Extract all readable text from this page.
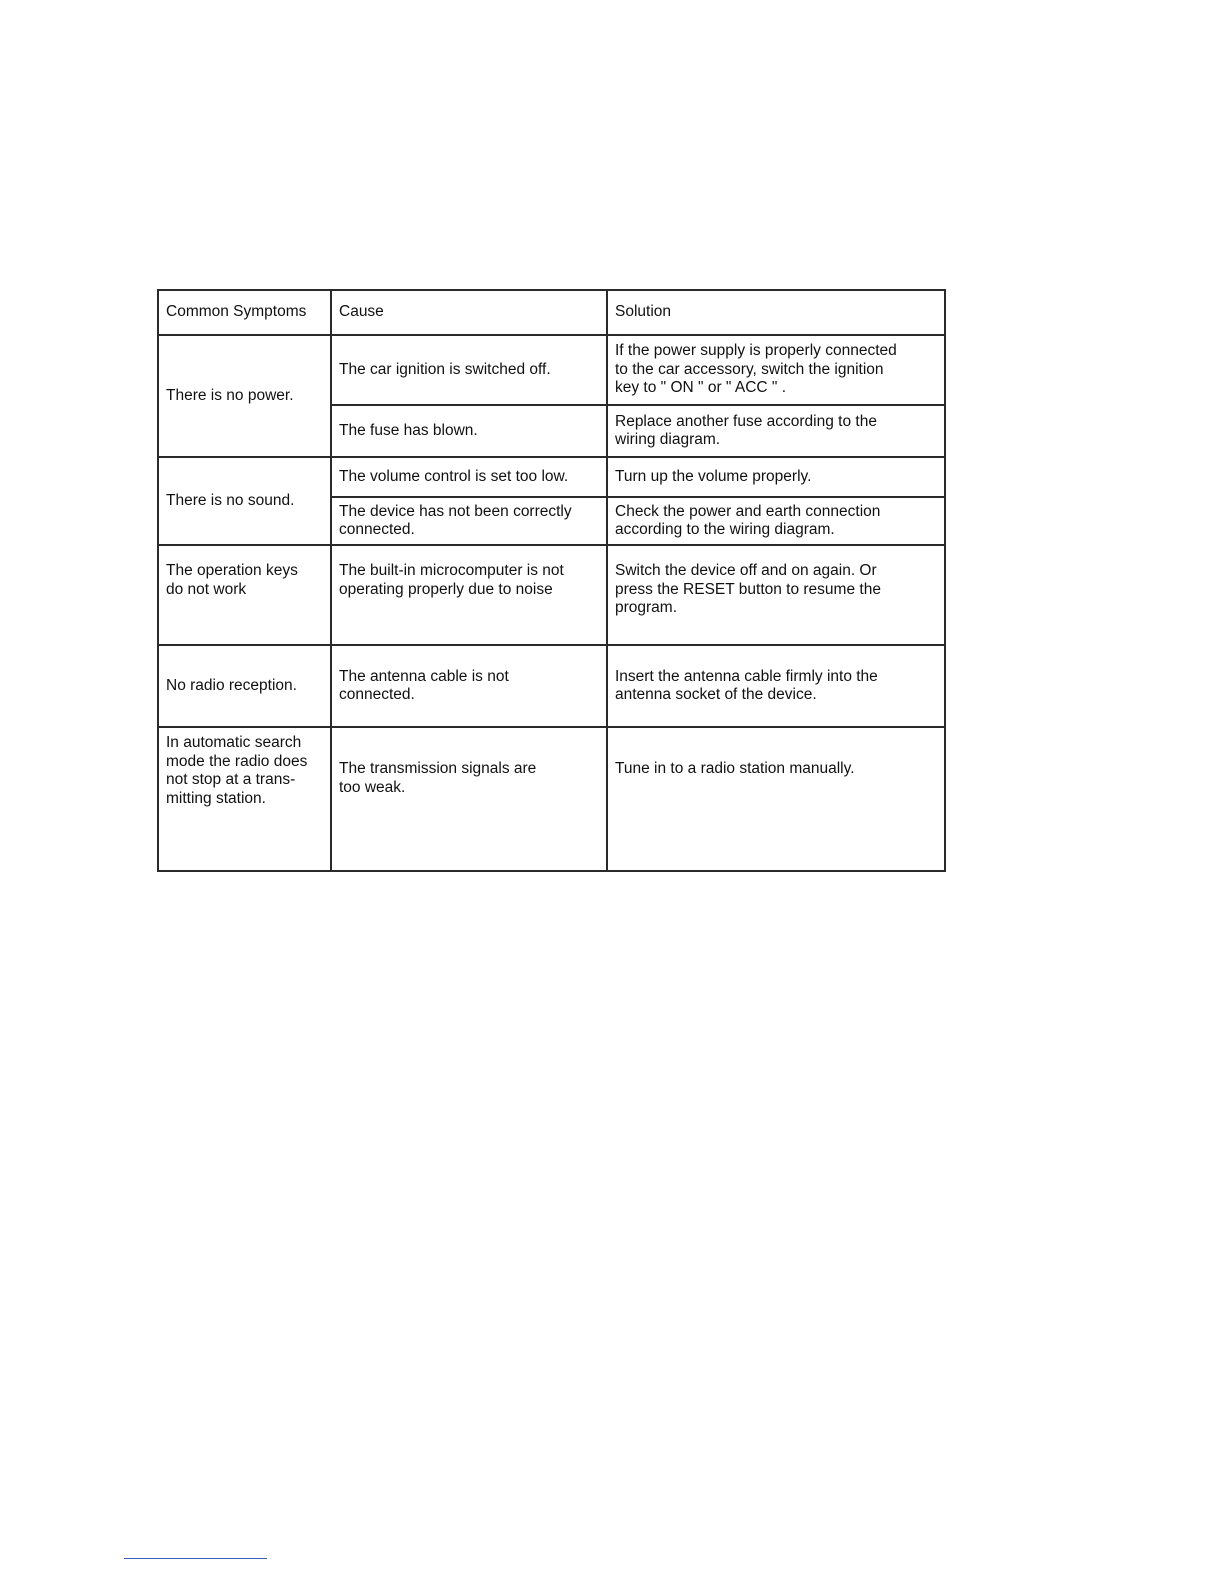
Common Symptoms	Cause	Solution

There is no power.	The car ignition is switched off.	If the power supply is properly connected
to the car accessory, switch the ignition
key to " ON " or " ACC " .

	The fuse has blown.	Replace another fuse according to the
wiring diagram.

There is no sound.	The volume control is set too low.	Turn up the volume properly.

	The device has not been correctly
connected.	Check the power and earth connection
according to the wiring diagram.

The operation keys
do not work	The built-in microcomputer is not
operating properly due to noise	Switch the device off and on again. Or
press the RESET button to resume the
program.

No radio reception.	The antenna cable is not
connected.	Insert the antenna cable firmly into the
antenna socket of the device.

In automatic search
mode the radio does
not stop at a trans-
mitting station.	The transmission signals are
too weak.	Tune in to a radio station manually.
